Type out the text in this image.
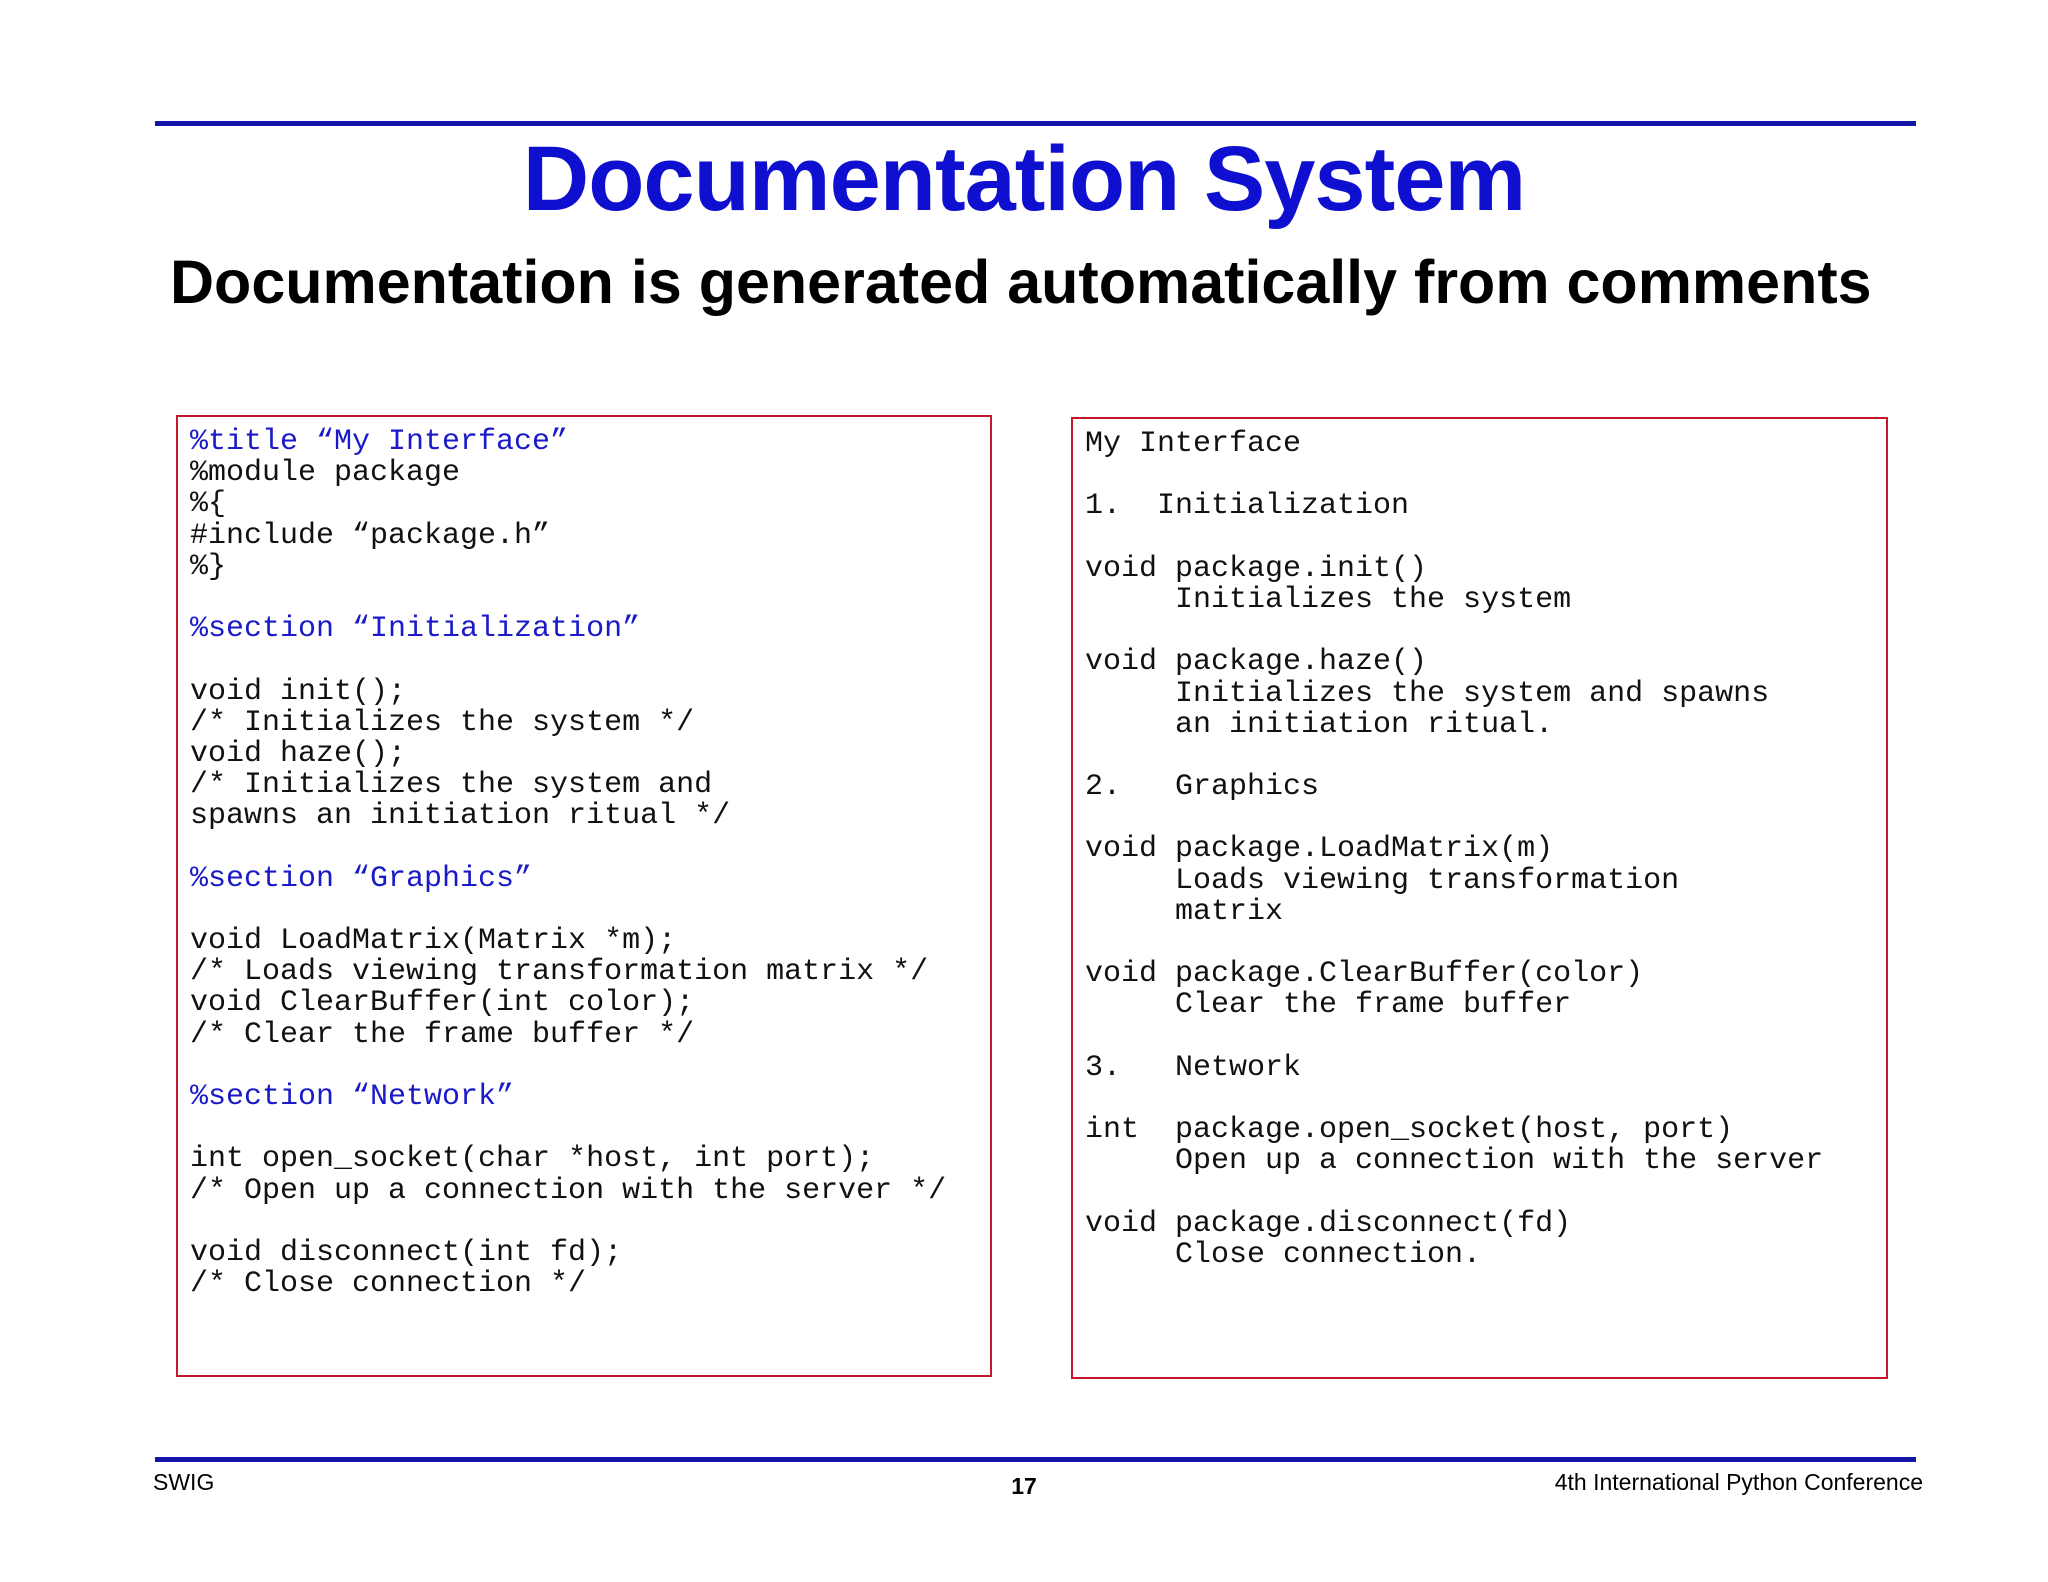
Documentation System
Documentation is generated automatically from comments
%title “My Interface”
%module package
%{
#include “package.h”
%}
%section “Initialization”
void init();
/* Initializes the system */
void haze();
/* Initializes the system and
spawns an initiation ritual */
%section “Graphics”
void LoadMatrix(Matrix *m);
/* Loads viewing transformation matrix */
void ClearBuffer(int color);
/* Clear the frame buffer */
%section “Network”
int open_socket(char *host, int port);
/* Open up a connection with the server */
void disconnect(int fd);
/* Close connection */
My Interface
1.  Initialization
void package.init()
Initializes the system
void package.haze()
Initializes the system and spawns
an initiation ritual.
2.   Graphics
void package.LoadMatrix(m)
Loads viewing transformation
matrix
void package.ClearBuffer(color)
Clear the frame buffer
3.   Network
int  package.open_socket(host, port)
Open up a connection with the server
void package.disconnect(fd)
Close connection.
SWIG	17	4th International Python Conference
